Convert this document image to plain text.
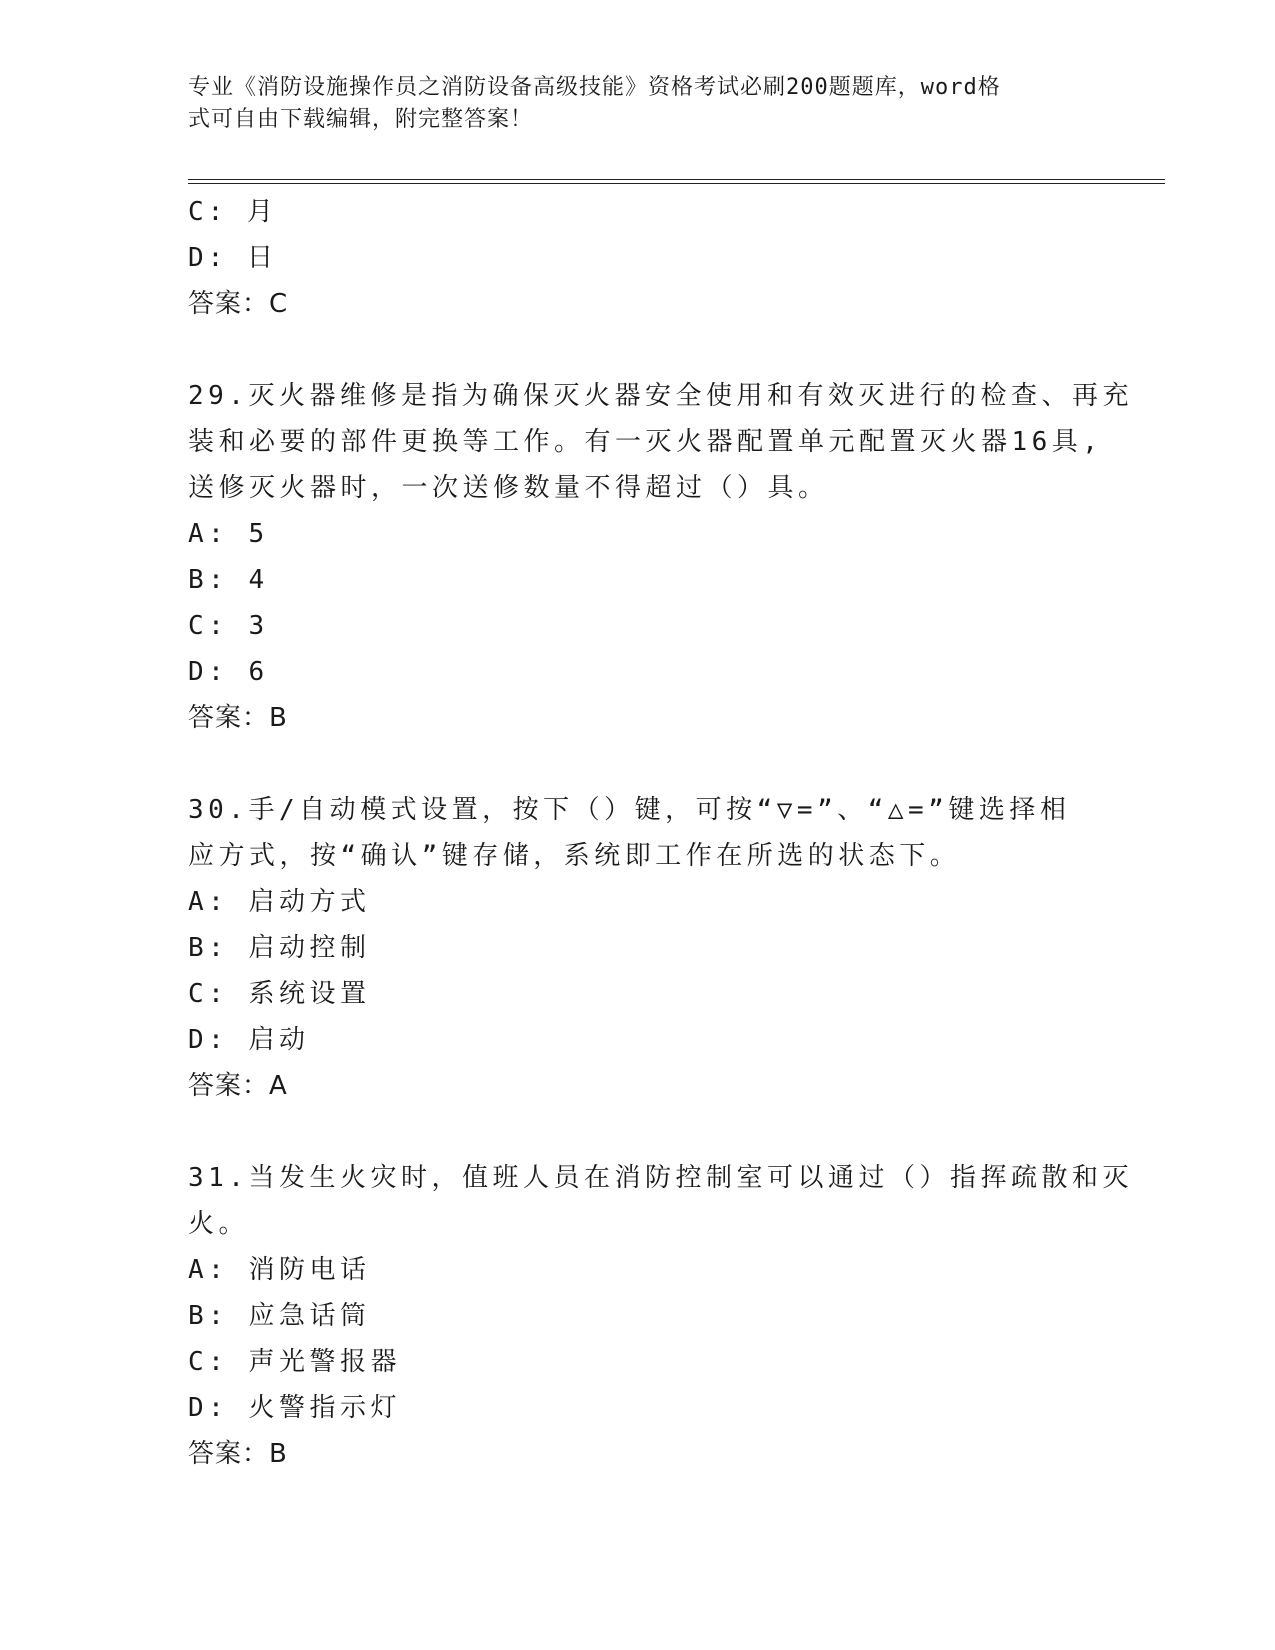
专业《消防设施操作员之消防设备高级技能》资格考试必刷200题题库，word格
式可自由下载编辑，附完整答案！
C: 月
D: 日
答案：C
29.灭火器维修是指为确保灭火器安全使用和有效灭进行的检查、再充
装和必要的部件更换等工作。有一灭火器配置单元配置灭火器16具,
送修灭火器时，一次送修数量不得超过（）具。
A: 5
B: 4
C: 3
D: 6
答案：B
30.手/自动模式设置，按下（）键，可按“▽=”、“△=”键选择相
应方式，按“确认”键存储，系统即工作在所选的状态下。
A: 启动方式
B: 启动控制
C: 系统设置
D: 启动
答案：A
31.当发生火灾时，值班人员在消防控制室可以通过（）指挥疏散和灭
火。
A: 消防电话
B: 应急话筒
C: 声光警报器
D: 火警指示灯
答案：B
